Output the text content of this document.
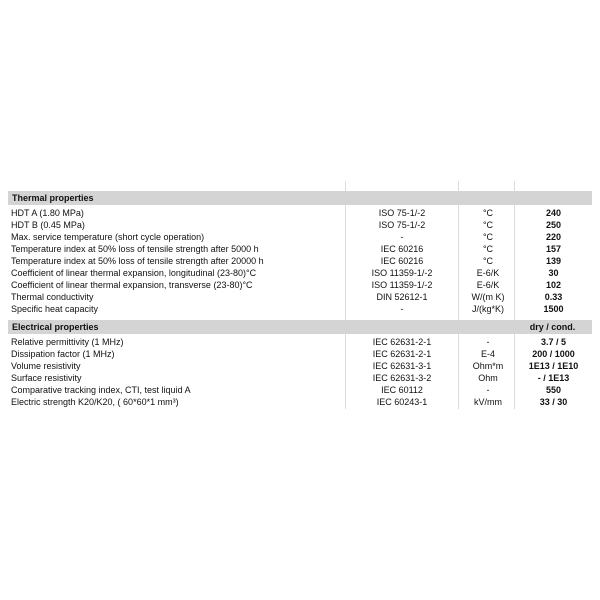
Thermal properties
HDT A (1.80 MPa)	ISO 75-1/-2	°C	240
HDT B (0.45 MPa)	ISO 75-1/-2	°C	250
Max. service temperature (short cycle operation)	-	°C	220
Temperature index at 50% loss of tensile strength after 5000 h	IEC 60216	°C	157
Temperature index at 50% loss of tensile strength after 20000 h	IEC 60216	°C	139
Coefficient of linear thermal expansion, longitudinal (23-80)°C	ISO 11359-1/-2	E-6/K	30
Coefficient of linear thermal expansion, transverse (23-80)°C	ISO 11359-1/-2	E-6/K	102
Thermal conductivity	DIN 52612-1	W/(m K)	0.33
Specific heat capacity	-	J/(kg*K)	1500
Electrical properties	dry / cond.
Relative permittivity (1 MHz)	IEC 62631-2-1	-	3.7 / 5
Dissipation factor (1 MHz)	IEC 62631-2-1	E-4	200 / 1000
Volume resistivity	IEC 62631-3-1	Ohm*m	1E13 / 1E10
Surface resistivity	IEC 62631-3-2	Ohm	- / 1E13
Comparative tracking index, CTI, test liquid A	IEC 60112	-	550
Electric strength K20/K20, ( 60*60*1 mm³)	IEC 60243-1	kV/mm	33 / 30
